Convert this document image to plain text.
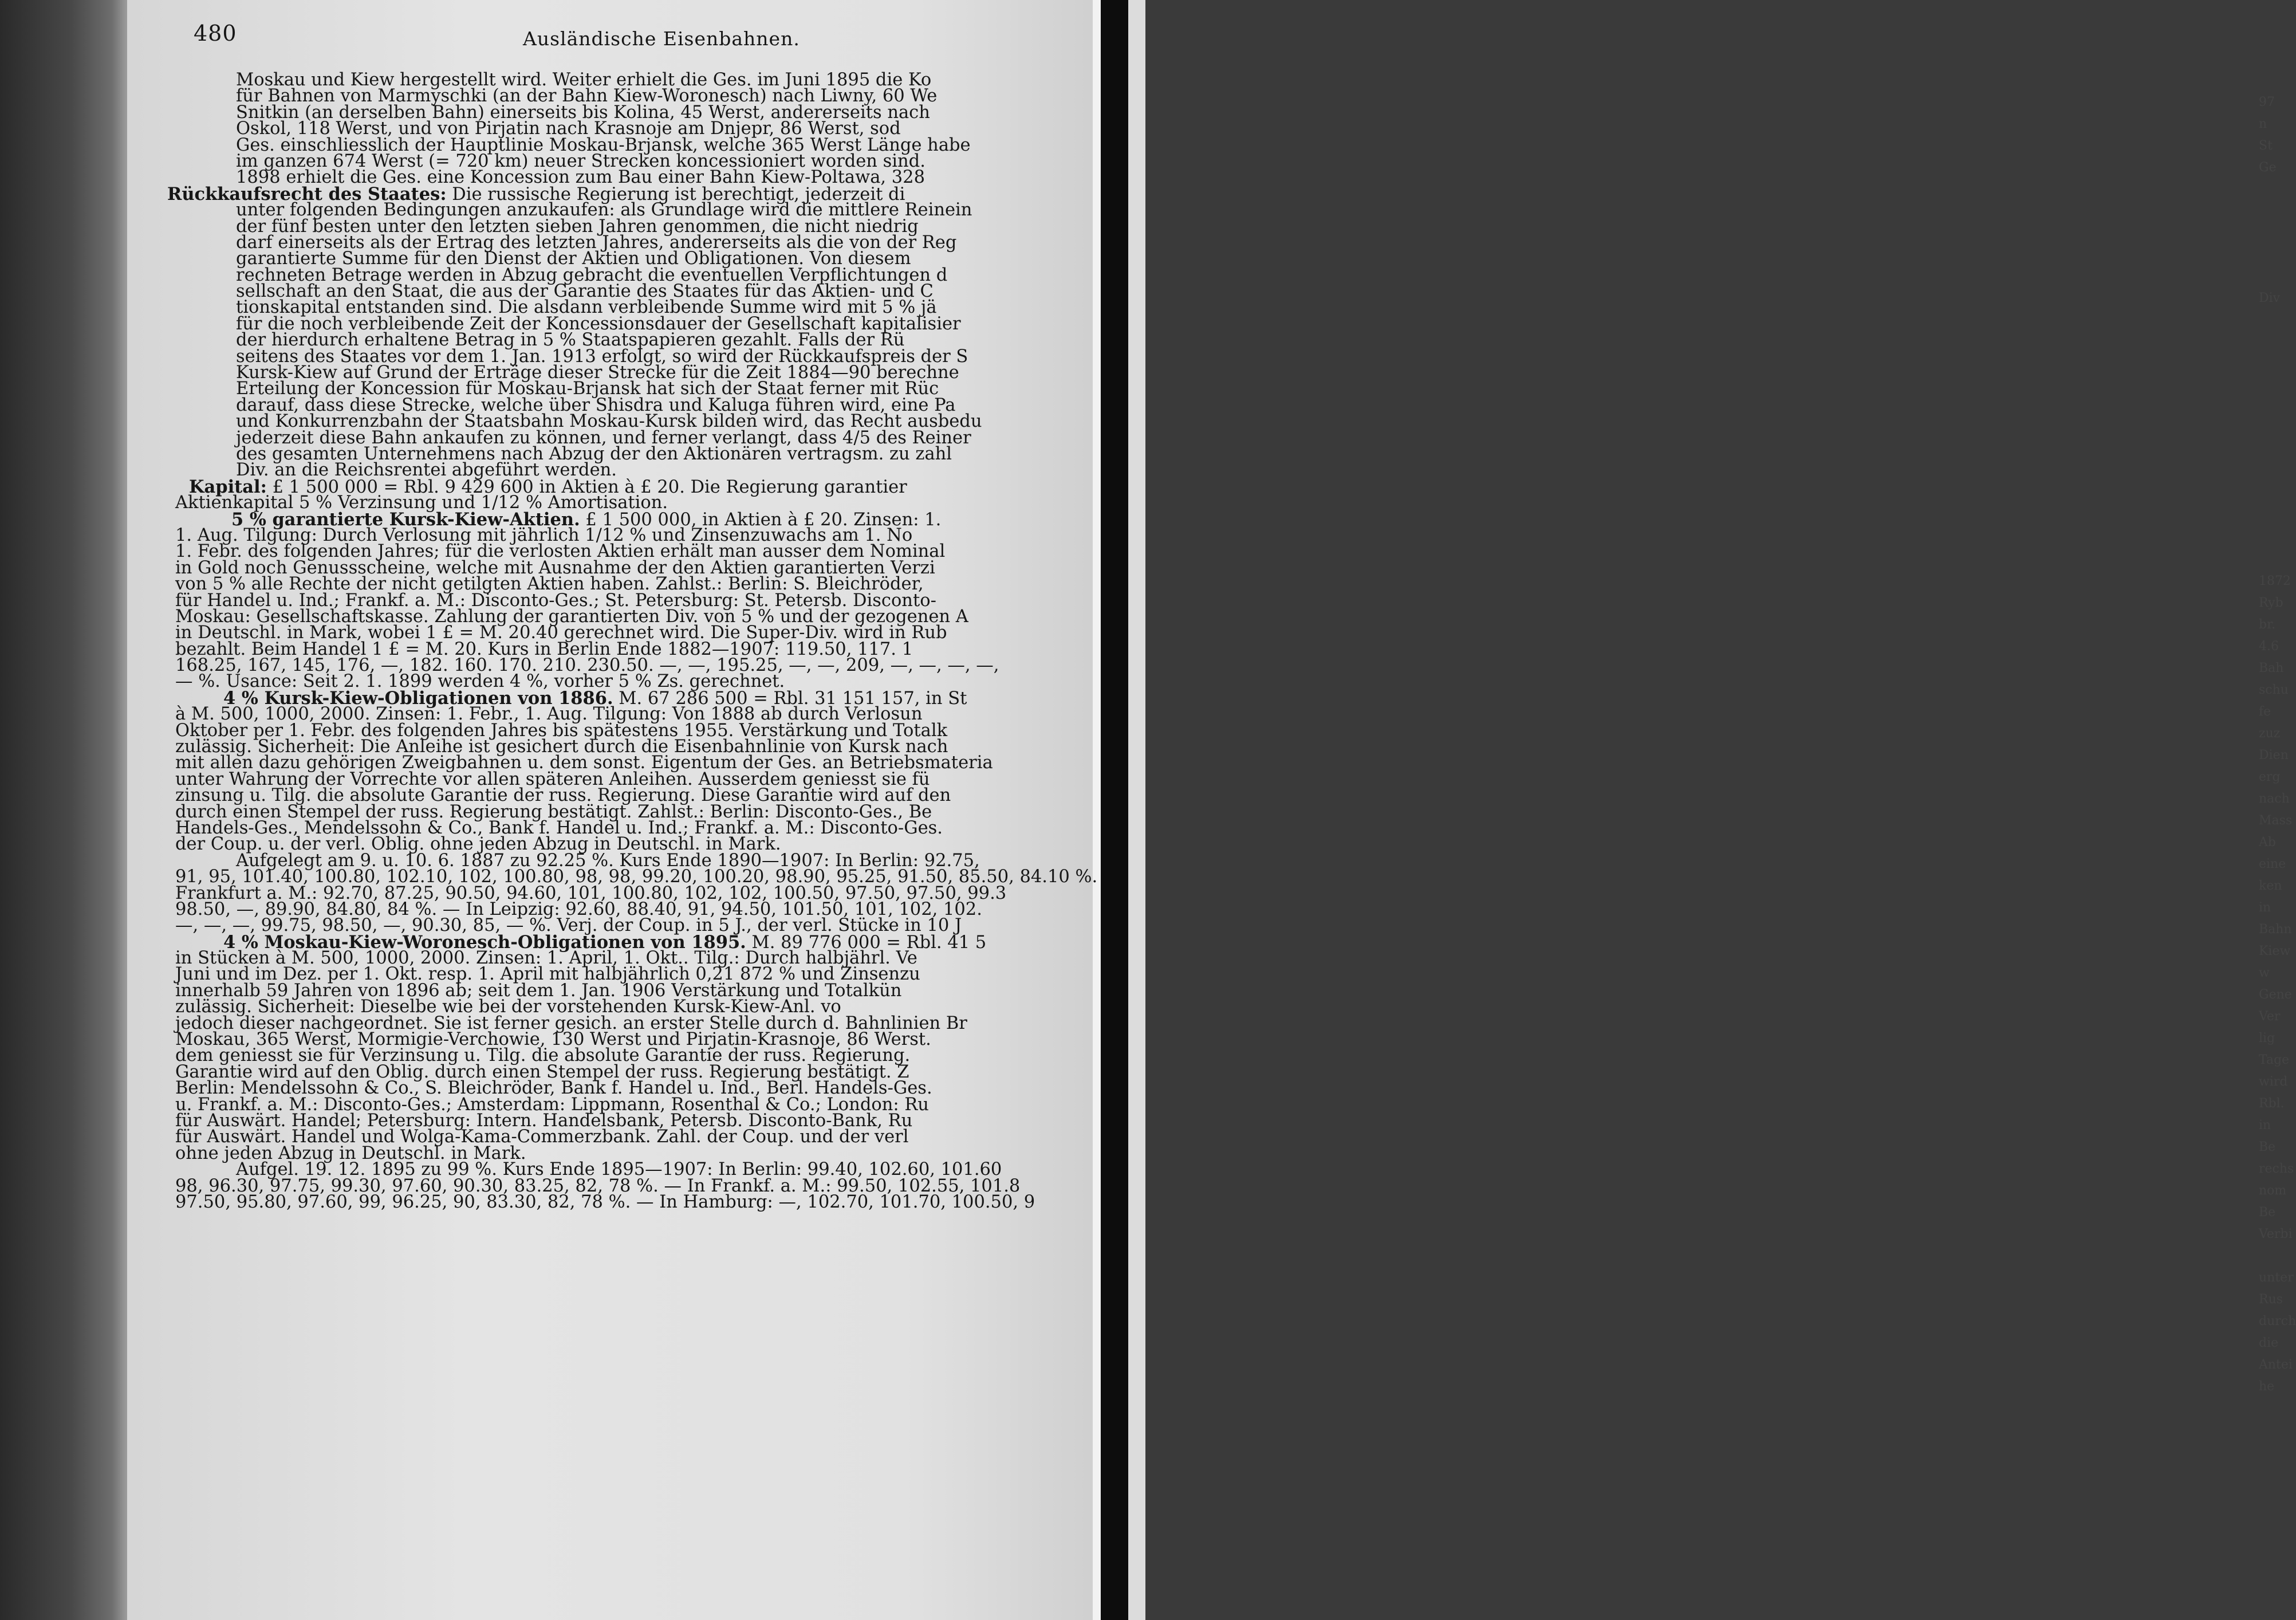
97
n
St
Ge

Div

1872
Ryb
br.
4.6
Bah
schu
fe
zuz
Dien
erg
nach
Mass
Ab
eine
ken
in
Bahn
Kiew
w
Gene
Ver
lig
Tage
wird
Rbl.
in
Be
rechs
nom
Be
Verbi

unter
Rus
durch
die
Antei
he
480	Ausländische Eisenbahnen.
Moskau und Kiew hergestellt wird. Weiter erhielt die Ges. im Juni 1895 die Ko
für Bahnen von Marmyschki (an der Bahn Kiew-Woronesch) nach Liwny, 60 We
Snitkin (an derselben Bahn) einerseits bis Kolina, 45 Werst, andererseits nach
Oskol, 118 Werst, und von Pirjatin nach Krasnoje am Dnjepr, 86 Werst, sod
Ges. einschliesslich der Hauptlinie Moskau-Brjansk, welche 365 Werst Länge habe
im ganzen 674 Werst (= 720 km) neuer Strecken koncessioniert worden sind.
1898 erhielt die Ges. eine Koncession zum Bau einer Bahn Kiew-Poltawa, 328
Rückkaufsrecht des Staates: Die russische Regierung ist berechtigt, jederzeit di
unter folgenden Bedingungen anzukaufen: als Grundlage wird die mittlere Reinein
der fünf besten unter den letzten sieben Jahren genommen, die nicht niedrig
darf einerseits als der Ertrag des letzten Jahres, andererseits als die von der Reg
garantierte Summe für den Dienst der Aktien und Obligationen. Von diesem
rechneten Betrage werden in Abzug gebracht die eventuellen Verpflichtungen d
sellschaft an den Staat, die aus der Garantie des Staates für das Aktien- und C
tionskapital entstanden sind. Die alsdann verbleibende Summe wird mit 5 % jä
für die noch verbleibende Zeit der Koncessionsdauer der Gesellschaft kapitalisier
der hierdurch erhaltene Betrag in 5 % Staatspapieren gezahlt. Falls der Rü
seitens des Staates vor dem 1. Jan. 1913 erfolgt, so wird der Rückkaufspreis der S
Kursk-Kiew auf Grund der Erträge dieser Strecke für die Zeit 1884—90 berechne
Erteilung der Koncession für Moskau-Brjansk hat sich der Staat ferner mit Rüc
darauf, dass diese Strecke, welche über Shisdra und Kaluga führen wird, eine Pa
und Konkurrenzbahn der Staatsbahn Moskau-Kursk bilden wird, das Recht ausbedu
jederzeit diese Bahn ankaufen zu können, und ferner verlangt, dass 4/5 des Reiner
des gesamten Unternehmens nach Abzug der den Aktionären vertragsm. zu zahl
Div. an die Reichsrentei abgeführt werden.
Kapital: £ 1 500 000 = Rbl. 9 429 600 in Aktien à £ 20. Die Regierung garantier
Aktienkapital 5 % Verzinsung und 1/12 % Amortisation.
5 % garantierte Kursk-Kiew-Aktien. £ 1 500 000, in Aktien à £ 20. Zinsen: 1.
1. Aug. Tilgung: Durch Verlosung mit jährlich 1/12 % und Zinsenzuwachs am 1. No
1. Febr. des folgenden Jahres; für die verlosten Aktien erhält man ausser dem Nominal
in Gold noch Genussscheine, welche mit Ausnahme der den Aktien garantierten Verzi
von 5 % alle Rechte der nicht getilgten Aktien haben. Zahlst.: Berlin: S. Bleichröder,
für Handel u. Ind.; Frankf. a. M.: Disconto-Ges.; St. Petersburg: St. Petersb. Disconto-
Moskau: Gesellschaftskasse. Zahlung der garantierten Div. von 5 % und der gezogenen A
in Deutschl. in Mark, wobei 1 £ = M. 20.40 gerechnet wird. Die Super-Div. wird in Rub
bezahlt. Beim Handel 1 £ = M. 20. Kurs in Berlin Ende 1882—1907: 119.50, 117. 1
168.25, 167, 145, 176, —, 182. 160. 170. 210. 230.50. —, —, 195.25, —, —, 209, —, —, —, —,
— %. Usance: Seit 2. 1. 1899 werden 4 %, vorher 5 % Zs. gerechnet.
4 % Kursk-Kiew-Obligationen von 1886. M. 67 286 500 = Rbl. 31 151 157, in St
à M. 500, 1000, 2000. Zinsen: 1. Febr., 1. Aug. Tilgung: Von 1888 ab durch Verlosun
Oktober per 1. Febr. des folgenden Jahres bis spätestens 1955. Verstärkung und Totalk
zulässig. Sicherheit: Die Anleihe ist gesichert durch die Eisenbahnlinie von Kursk nach
mit allen dazu gehörigen Zweigbahnen u. dem sonst. Eigentum der Ges. an Betriebsmateria
unter Wahrung der Vorrechte vor allen späteren Anleihen. Ausserdem geniesst sie fü
zinsung u. Tilg. die absolute Garantie der russ. Regierung. Diese Garantie wird auf den
durch einen Stempel der russ. Regierung bestätigt. Zahlst.: Berlin: Disconto-Ges., Be
Handels-Ges., Mendelssohn & Co., Bank f. Handel u. Ind.; Frankf. a. M.: Disconto-Ges.
der Coup. u. der verl. Oblig. ohne jeden Abzug in Deutschl. in Mark.
Aufgelegt am 9. u. 10. 6. 1887 zu 92.25 %. Kurs Ende 1890—1907: In Berlin: 92.75,
91, 95, 101.40, 100.80, 102.10, 102, 100.80, 98, 98, 99.20, 100.20, 98.90, 95.25, 91.50, 85.50, 84.10 %.
Frankfurt a. M.: 92.70, 87.25, 90.50, 94.60, 101, 100.80, 102, 102, 100.50, 97.50, 97.50, 99.3
98.50, —, 89.90, 84.80, 84 %. — In Leipzig: 92.60, 88.40, 91, 94.50, 101.50, 101, 102, 102.
—, —, —, 99.75, 98.50, —, 90.30, 85, — %. Verj. der Coup. in 5 J., der verl. Stücke in 10 J
4 % Moskau-Kiew-Woronesch-Obligationen von 1895. M. 89 776 000 = Rbl. 41 5
in Stücken à M. 500, 1000, 2000. Zinsen: 1. April, 1. Okt.. Tilg.: Durch halbjährl. Ve
Juni und im Dez. per 1. Okt. resp. 1. April mit halbjährlich 0,21 872 % und Zinsenzu
innerhalb 59 Jahren von 1896 ab; seit dem 1. Jan. 1906 Verstärkung und Totalkün
zulässig. Sicherheit: Dieselbe wie bei der vorstehenden Kursk-Kiew-Anl. vo
jedoch dieser nachgeordnet. Sie ist ferner gesich. an erster Stelle durch d. Bahnlinien Br
Moskau, 365 Werst, Mormigie-Verchowie, 130 Werst und Pirjatin-Krasnoje, 86 Werst.
dem geniesst sie für Verzinsung u. Tilg. die absolute Garantie der russ. Regierung.
Garantie wird auf den Oblig. durch einen Stempel der russ. Regierung bestätigt. Z
Berlin: Mendelssohn & Co., S. Bleichröder, Bank f. Handel u. Ind., Berl. Handels-Ges.
u. Frankf. a. M.: Disconto-Ges.; Amsterdam: Lippmann, Rosenthal & Co.; London: Ru
für Auswärt. Handel; Petersburg: Intern. Handelsbank, Petersb. Disconto-Bank, Ru
für Auswärt. Handel und Wolga-Kama-Commerzbank. Zahl. der Coup. und der verl
ohne jeden Abzug in Deutschl. in Mark.
Aufgel. 19. 12. 1895 zu 99 %. Kurs Ende 1895—1907: In Berlin: 99.40, 102.60, 101.60
98, 96.30, 97.75, 99.30, 97.60, 90.30, 83.25, 82, 78 %. — In Frankf. a. M.: 99.50, 102.55, 101.8
97.50, 95.80, 97.60, 99, 96.25, 90, 83.30, 82, 78 %. — In Hamburg: —, 102.70, 101.70, 100.50, 9
